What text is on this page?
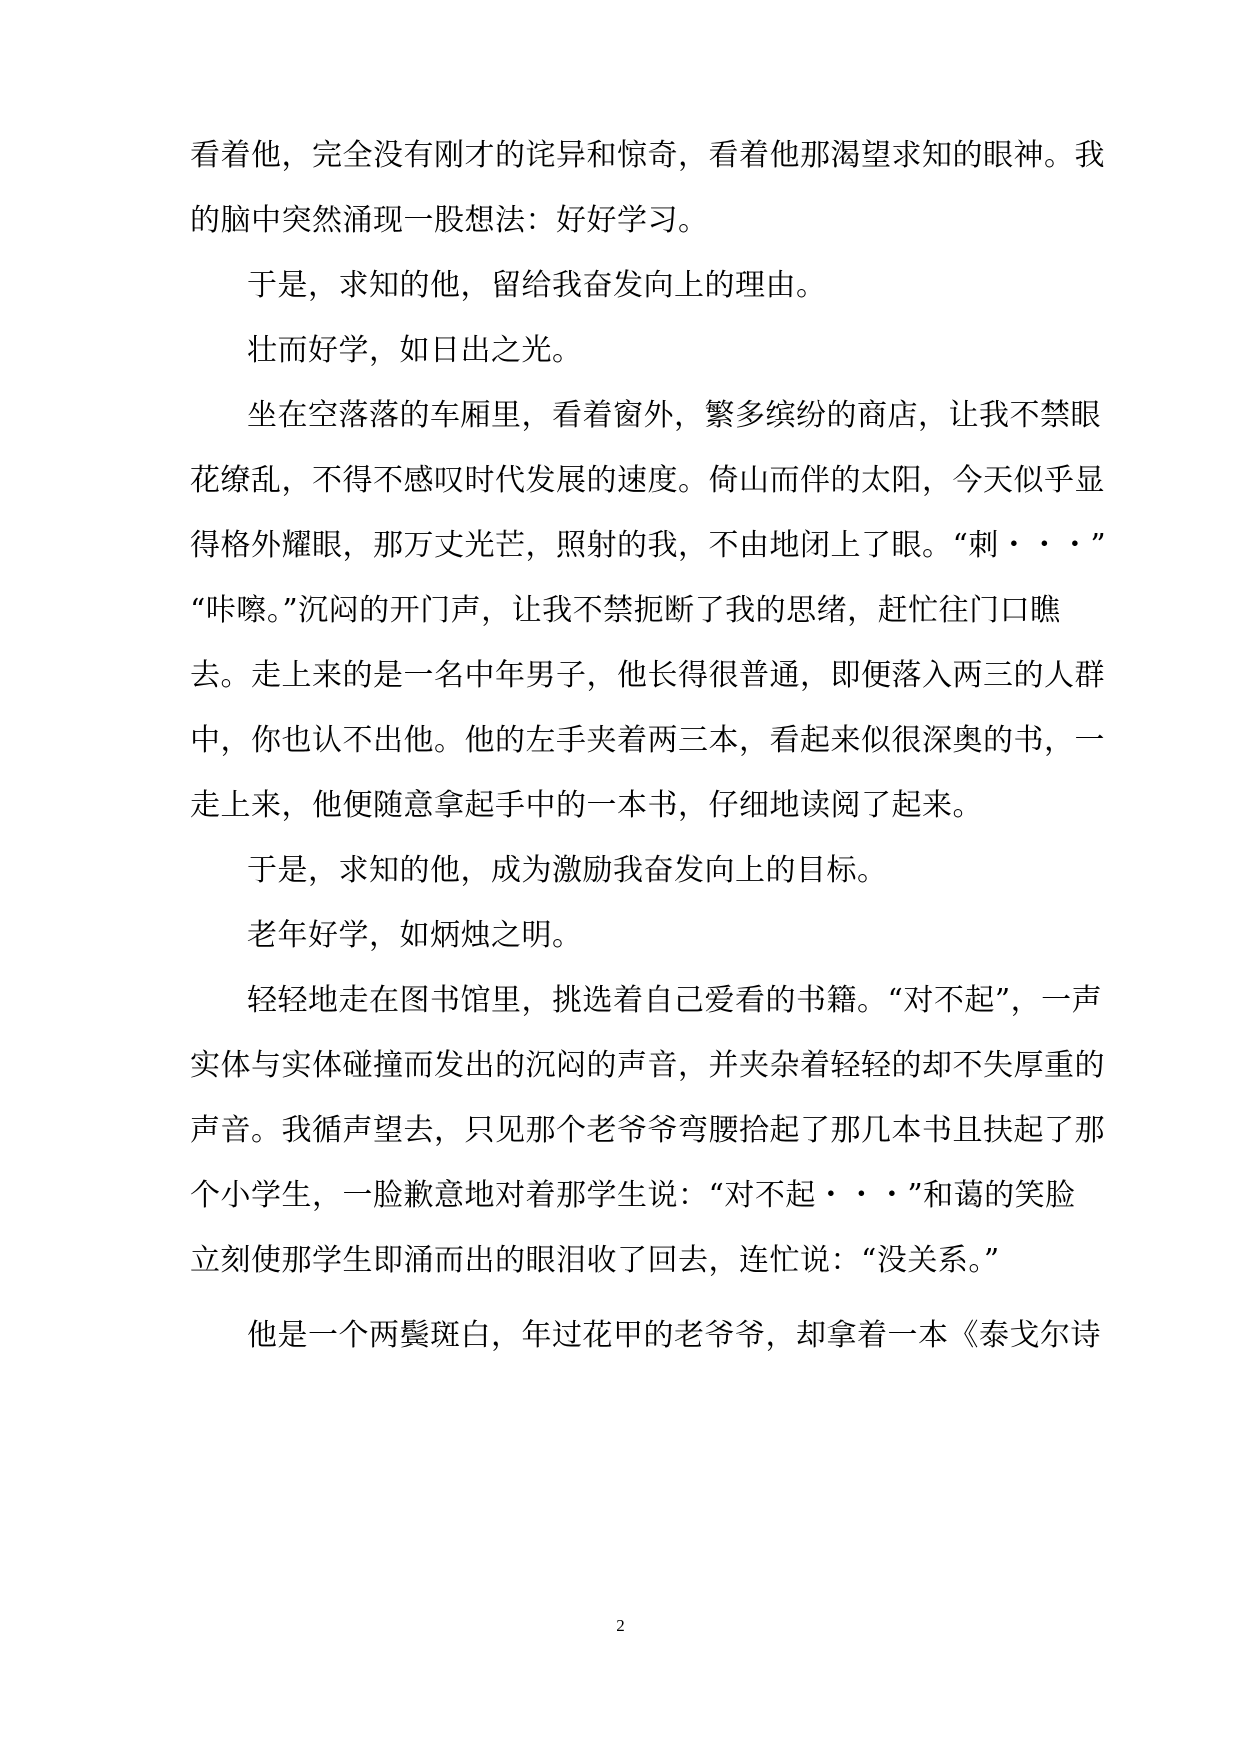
看着他，完全没有刚才的诧异和惊奇，看着他那渴望求知的眼神。我
的脑中突然涌现一股想法：好好学习。
于是，求知的他，留给我奋发向上的理由。
壮而好学，如日出之光。
坐在空落落的车厢里，看着窗外，繁多缤纷的商店，让我不禁眼
花缭乱，不得不感叹时代发展的速度。倚山而伴的太阳，今天似乎显
得格外耀眼，那万丈光芒，照射的我，不由地闭上了眼。“刺・・・”
“咔嚓。”沉闷的开门声，让我不禁扼断了我的思绪，赶忙往门口瞧
去。走上来的是一名中年男子，他长得很普通，即便落入两三的人群
中，你也认不出他。他的左手夹着两三本，看起来似很深奥的书，一
走上来，他便随意拿起手中的一本书，仔细地读阅了起来。
于是，求知的他，成为激励我奋发向上的目标。
老年好学，如炳烛之明。
轻轻地走在图书馆里，挑选着自己爱看的书籍。“对不起”，一声
实体与实体碰撞而发出的沉闷的声音，并夹杂着轻轻的却不失厚重的
声音。我循声望去，只见那个老爷爷弯腰拾起了那几本书且扶起了那
个小学生，一脸歉意地对着那学生说：“对不起・・・”和蔼的笑脸
立刻使那学生即涌而出的眼泪收了回去，连忙说：“没关系。”
他是一个两鬓斑白，年过花甲的老爷爷，却拿着一本《泰戈尔诗
2
